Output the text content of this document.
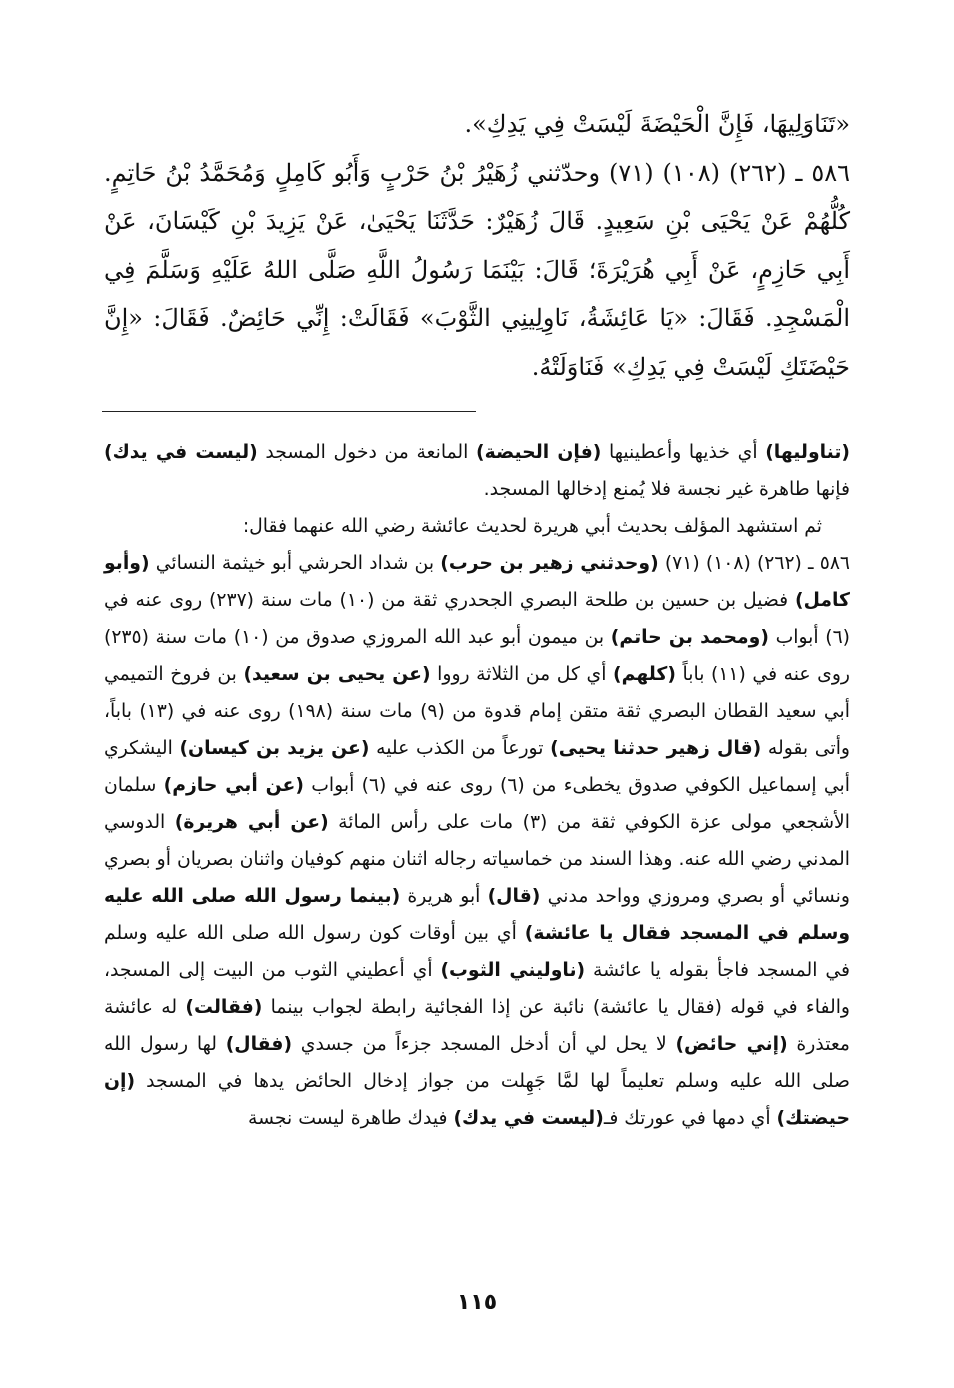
«تَنَاوَلِيهَا، فَإِنَّ الْحَيْضَةَ لَيْسَتْ فِي يَدِكِ».

٥٨٦ ـ (٢٦٢) (١٠٨) (٧١) وحدّثني زُهَيْرُ بْنُ حَرْبٍ وَأَبُو كَامِلٍ وَمُحَمَّدُ بْنُ حَاتِمٍ. كُلُّهُمْ عَنْ يَحْيَى بْنِ سَعِيدٍ. قَالَ زُهَيْرٌ: حَدَّثَنَا يَحْيَىٰ، عَنْ يَزِيدَ بْنِ كَيْسَانَ، عَنْ أَبِي حَازِمٍ، عَنْ أَبِي هُرَيْرَةَ؛ قَالَ: بَيْنَمَا رَسُولُ اللَّهِ صَلَّى اللهُ عَلَيْهِ وَسَلَّمَ فِي الْمَسْجِدِ. فَقَالَ: «يَا عَائِشَةُ، نَاوِلِينِي الثَّوْبَ» فَقَالَتْ: إِنِّي حَائِضٌ. فَقَالَ: «إِنَّ حَيْضَتَكِ لَيْسَتْ فِي يَدِكِ» فَنَاوَلَتْهُ.

(تناوليها) أي خذيها وأعطينيها (فإن الحيضة) المانعة من دخول المسجد (ليست في يدك) فإنها طاهرة غير نجسة فلا يُمنع إدخالها المسجد.

ثم استشهد المؤلف بحديث أبي هريرة لحديث عائشة رضي الله عنهما فقال:

٥٨٦ ـ (٢٦٢) (١٠٨) (٧١) (وحدثني زهير بن حرب) بن شداد الحرشي أبو خيثمة النسائي (وأبو كامل) فضيل بن حسين بن طلحة البصري الجحدري ثقة من (١٠) مات سنة (٢٣٧) روى عنه في (٦) أبواب (ومحمد بن حاتم) بن ميمون أبو عبد الله المروزي صدوق من (١٠) مات سنة (٢٣٥) روى عنه في (١١) باباً (كلهم) أي كل من الثلاثة رووا (عن يحيى بن سعيد) بن فروخ التميمي أبي سعيد القطان البصري ثقة متقن إمام قدوة من (٩) مات سنة (١٩٨) روى عنه في (١٣) باباً، وأتى بقوله (قال زهير حدثنا يحيى) تورعاً من الكذب عليه (عن يزيد بن كيسان) اليشكري أبي إسماعيل الكوفي صدوق يخطىء من (٦) روى عنه في (٦) أبواب (عن أبي حازم) سلمان الأشجعي مولى عزة الكوفي ثقة من (٣) مات على رأس المائة (عن أبي هريرة) الدوسي المدني رضي الله عنه. وهذا السند من خماسياته رجاله اثنان منهم كوفيان واثنان بصريان أو بصري ونسائي أو بصري ومروزي وواحد مدني (قال) أبو هريرة (بينما رسول الله صلى الله عليه وسلم في المسجد فقال يا عائشة) أي بين أوقات كون رسول الله صلى الله عليه وسلم في المسجد فاجأ بقوله يا عائشة (ناوليني الثوب) أي أعطيني الثوب من البيت إلى المسجد، والفاء في قوله (فقال يا عائشة) نائبة عن إذا الفجائية رابطة لجواب بينما (فقالت) له عائشة معتذرة (إني حائض) لا يحل لي أن أدخل المسجد جزءاً من جسدي (فقال) لها رسول الله صلى الله عليه وسلم تعليماً لها لمَّا جَهِلت من جواز إدخال الحائض يدها في المسجد (إن حيضتك) أي دمها في عورتك فـ(ليست في يدك) فيدك طاهرة ليست نجسة

١١٥
